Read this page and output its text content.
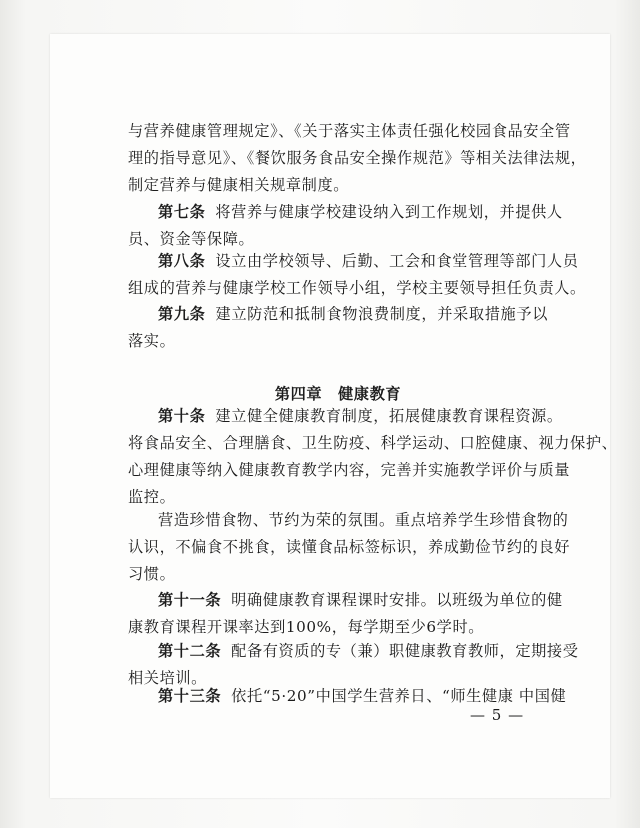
与营养健康管理规定》、《关于落实主体责任强化校园食品安全管
理的指导意见》、《餐饮服务食品安全操作规范》等相关法律法规，
制定营养与健康相关规章制度。
第七条 将营养与健康学校建设纳入到工作规划，并提供人
员、资金等保障。
第八条 设立由学校领导、后勤、工会和食堂管理等部门人员
组成的营养与健康学校工作领导小组，学校主要领导担任负责人。
第九条 建立防范和抵制食物浪费制度，并采取措施予以
落实。
第四章　健康教育
第十条 建立健全健康教育制度，拓展健康教育课程资源。
将食品安全、合理膳食、卫生防疫、科学运动、口腔健康、视力保护、
心理健康等纳入健康教育教学内容，完善并实施教学评价与质量
监控。
营造珍惜食物、节约为荣的氛围。重点培养学生珍惜食物的
认识，不偏食不挑食，读懂食品标签标识，养成勤俭节约的良好
习惯。
第十一条 明确健康教育课程课时安排。以班级为单位的健
康教育课程开课率达到100%，每学期至少6学时。
第十二条 配备有资质的专（兼）职健康教育教师，定期接受
相关培训。
第十三条 依托“5·20”中国学生营养日、“师生健康 中国健
— 5 —
